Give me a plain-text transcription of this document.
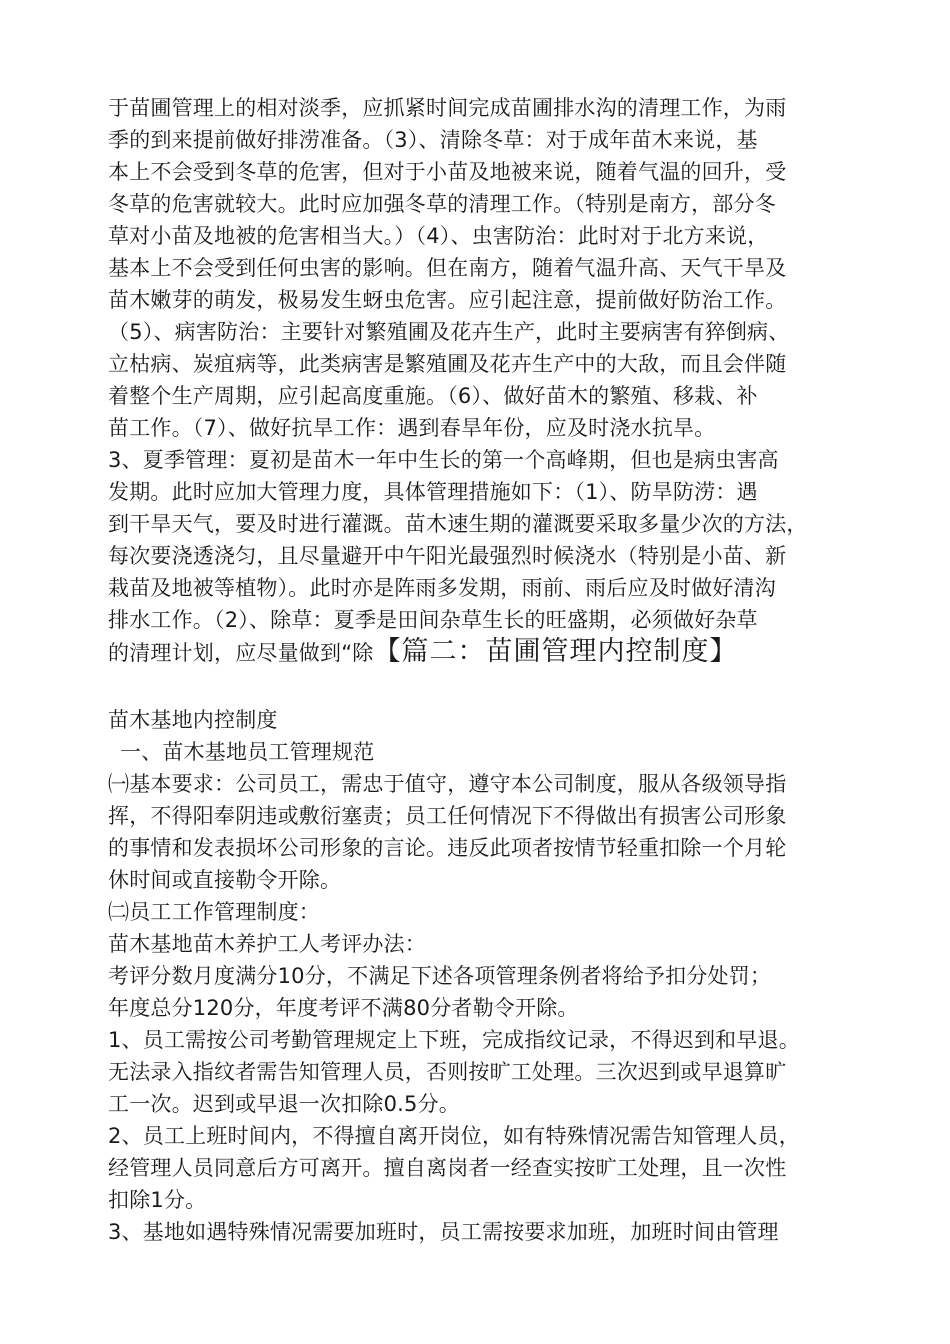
于苗圃管理上的相对淡季，应抓紧时间完成苗圃排水沟的清理工作，为雨
季的到来提前做好排涝准备。（3）、清除冬草：对于成年苗木来说，基
本上不会受到冬草的危害，但对于小苗及地被来说，随着气温的回升，受
冬草的危害就较大。此时应加强冬草的清理工作。（特别是南方，部分冬
草对小苗及地被的危害相当大。）（4）、虫害防治：此时对于北方来说，
基本上不会受到任何虫害的影响。但在南方，随着气温升高、天气干旱及
苗木嫩芽的萌发，极易发生蚜虫危害。应引起注意，提前做好防治工作。
（5）、病害防治：主要针对繁殖圃及花卉生产，此时主要病害有猝倒病、
立枯病、炭疽病等，此类病害是繁殖圃及花卉生产中的大敌，而且会伴随
着整个生产周期，应引起高度重施。（6）、做好苗木的繁殖、移栽、补
苗工作。（7）、做好抗旱工作：遇到春旱年份，应及时浇水抗旱。
3、夏季管理：夏初是苗木一年中生长的第一个高峰期，但也是病虫害高
发期。此时应加大管理力度，具体管理措施如下：（1）、防旱防涝：遇
到干旱天气，要及时进行灌溉。苗木速生期的灌溉要采取多量少次的方法，
每次要浇透浇匀，且尽量避开中午阳光最强烈时候浇水（特别是小苗、新
栽苗及地被等植物）。此时亦是阵雨多发期，雨前、雨后应及时做好清沟
排水工作。（2）、除草：夏季是田间杂草生长的旺盛期，必须做好杂草
的清理计划，应尽量做到“除【篇二：苗圃管理内控制度】
苗木基地内控制度
一、苗木基地员工管理规范
㈠基本要求：公司员工，需忠于值守，遵守本公司制度，服从各级领导指
挥，不得阳奉阴违或敷衍塞责；员工任何情况下不得做出有损害公司形象
的事情和发表损坏公司形象的言论。违反此项者按情节轻重扣除一个月轮
休时间或直接勒令开除。
㈡员工工作管理制度：
苗木基地苗木养护工人考评办法：
考评分数月度满分10分，不满足下述各项管理条例者将给予扣分处罚；
年度总分120分，年度考评不满80分者勒令开除。
1、员工需按公司考勤管理规定上下班，完成指纹记录，不得迟到和早退。
无法录入指纹者需告知管理人员，否则按旷工处理。三次迟到或早退算旷
工一次。迟到或早退一次扣除0.5分。
2、员工上班时间内，不得擅自离开岗位，如有特殊情况需告知管理人员，
经管理人员同意后方可离开。擅自离岗者一经查实按旷工处理，且一次性
扣除1分。
3、基地如遇特殊情况需要加班时，员工需按要求加班，加班时间由管理
